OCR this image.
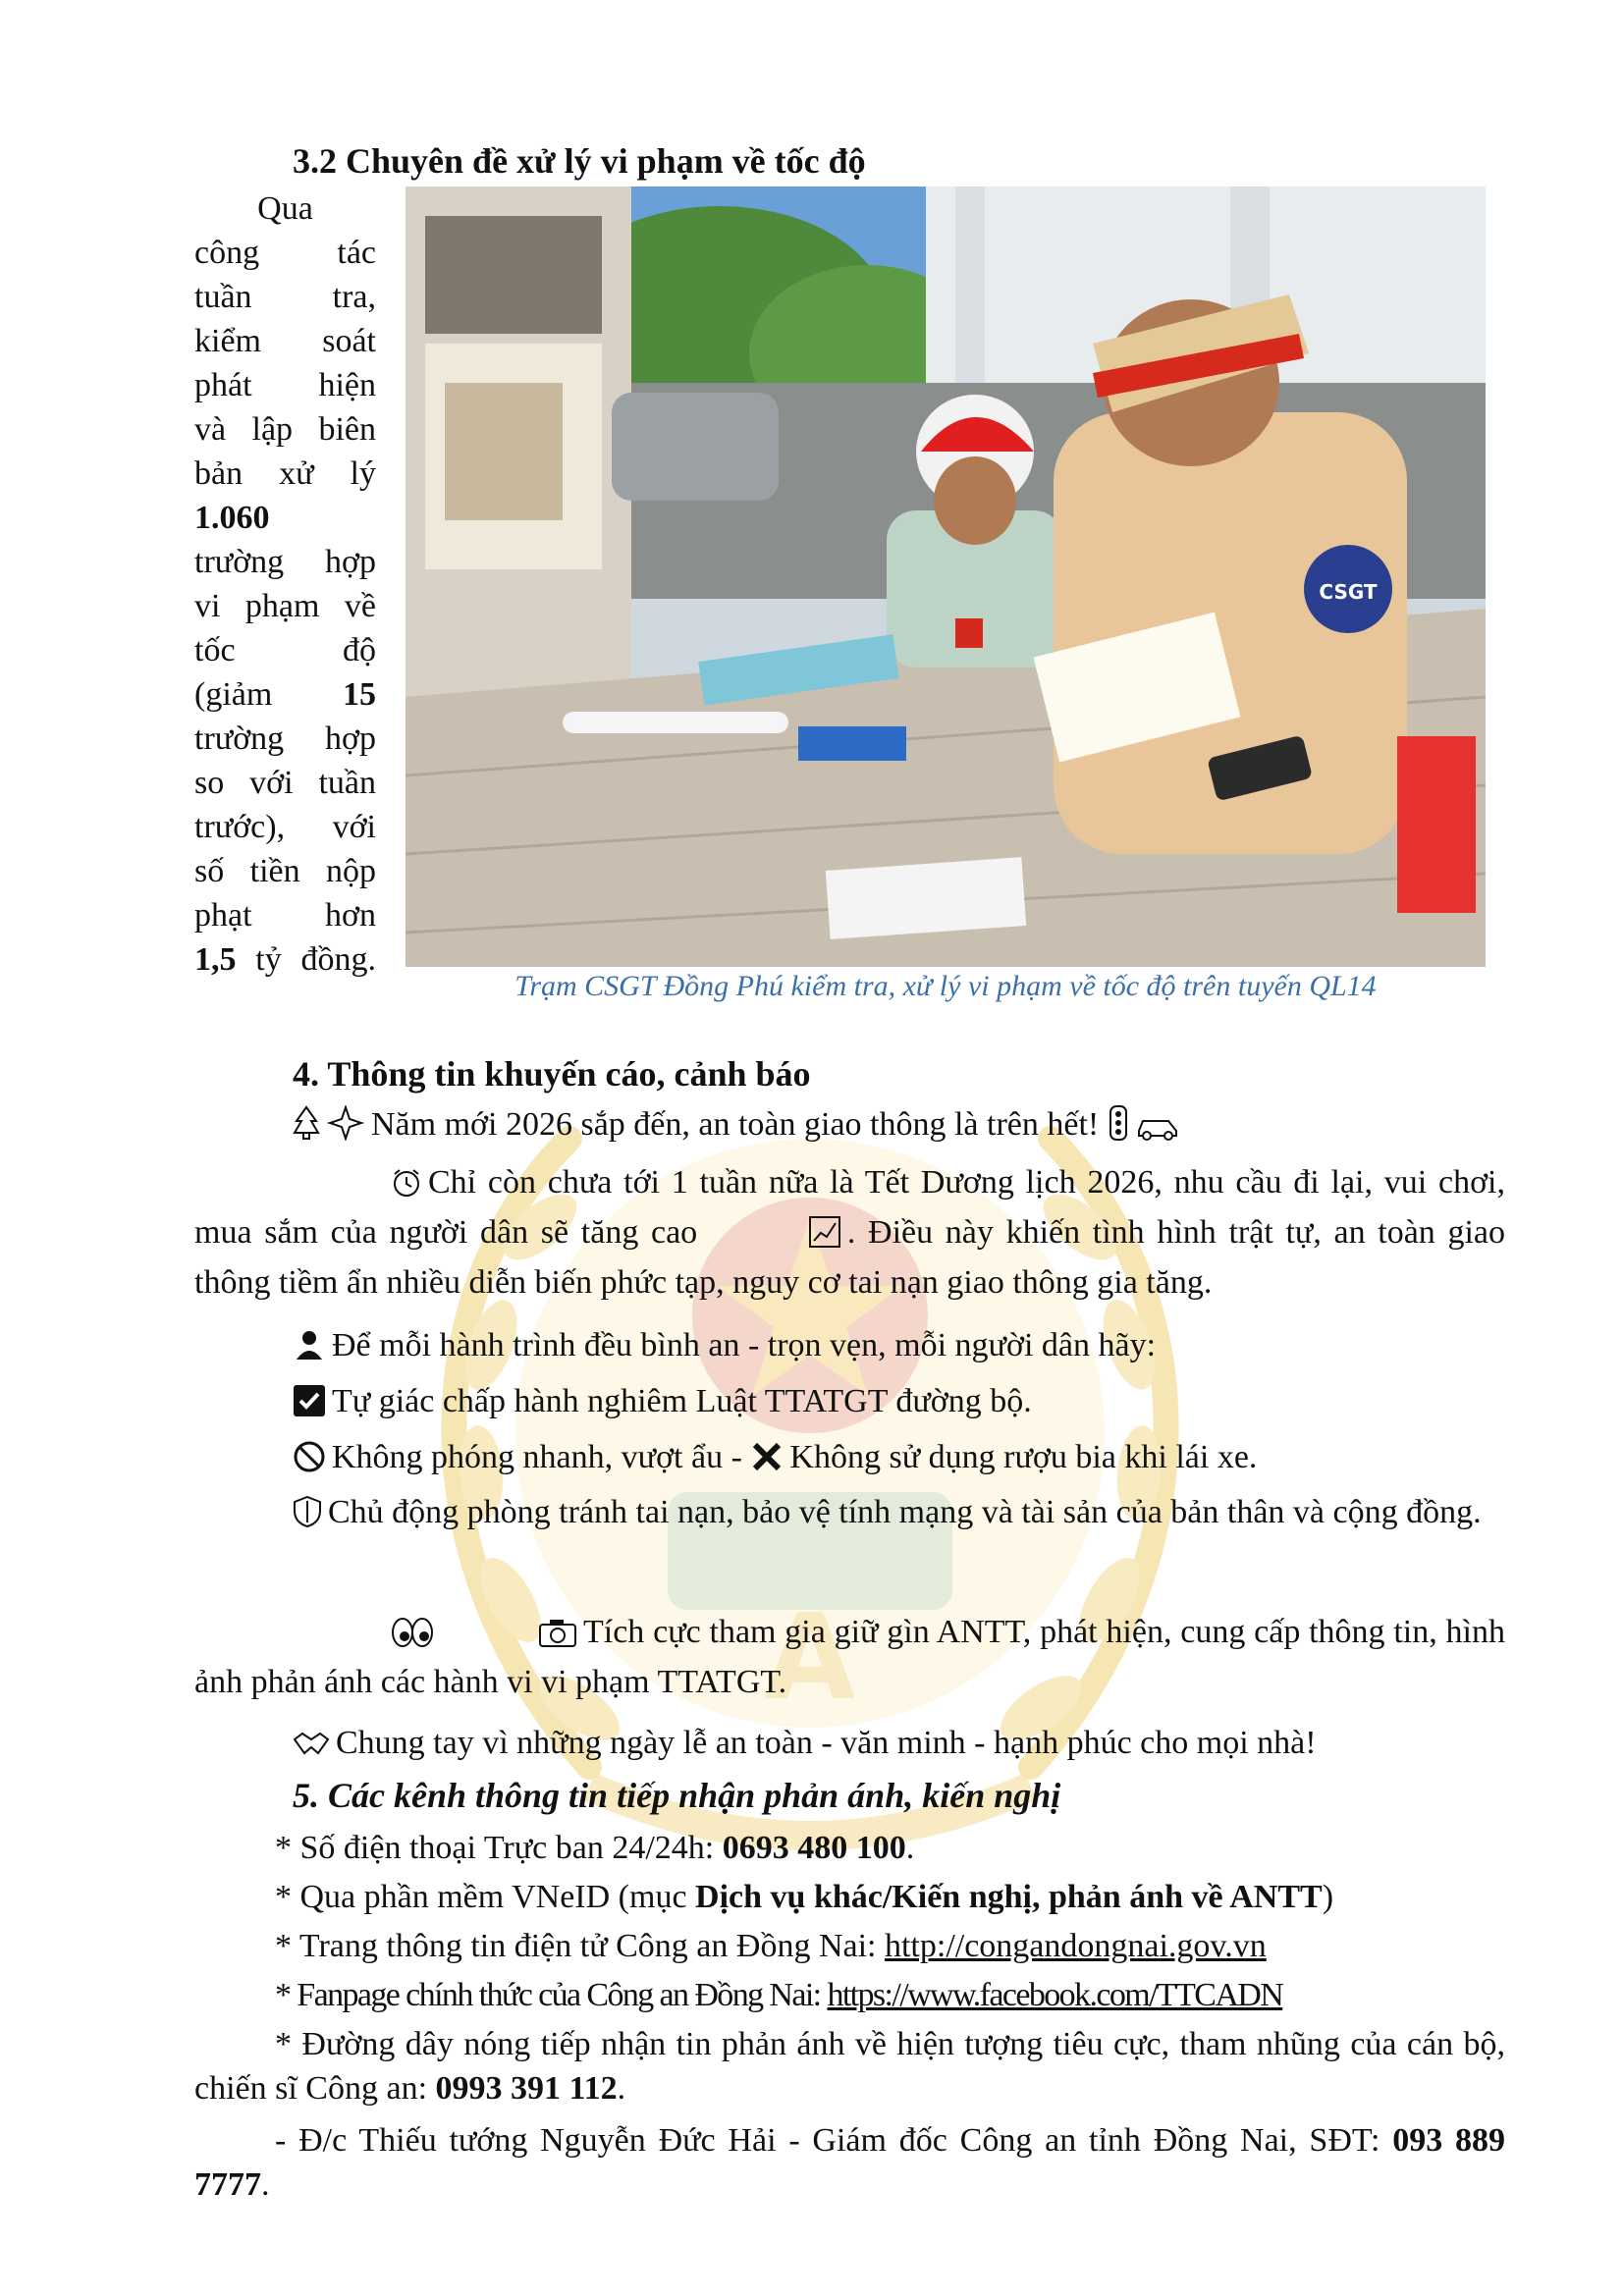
A
3.2 Chuyên đề xử lý vi phạm về tốc độ
Qua
công tác
tuần tra,
kiểm soát
phát hiện
và lập biên
bản xử lý
1.060
trường hợp
vi phạm về
tốc độ
(giảm 15
trường hợp
so với tuần
trước), với
số tiền nộp
phạt hơn
1,5 tỷ đồng.
CSGT
Trạm CSGT Đồng Phú kiểm tra, xử lý vi phạm về tốc độ trên tuyến QL14
4. Thông tin khuyến cáo, cảnh báo
Năm mới 2026 sắp đến, an toàn giao thông là trên hết!
Chỉ còn chưa tới 1 tuần nữa là Tết Dương lịch 2026, nhu cầu đi lại, vui chơi, mua sắm của người dân sẽ tăng cao	. Điều này khiến tình hình trật tự, an toàn giao thông tiềm ẩn nhiều diễn biến phức tạp, nguy cơ tai nạn giao thông gia tăng.
Để mỗi hành trình đều bình an - trọn vẹn, mỗi người dân hãy:
Tự giác chấp hành nghiêm Luật TTATGT đường bộ.
Không phóng nhanh, vượt ẩu - Không sử dụng rượu bia khi lái xe.
Chủ động phòng tránh tai nạn, bảo vệ tính mạng và tài sản của bản thân và cộng đồng.
Tích cực tham gia giữ gìn ANTT, phát hiện, cung cấp thông tin, hình ảnh phản ánh các hành vi vi phạm TTATGT.
Chung tay vì những ngày lễ an toàn - văn minh - hạnh phúc cho mọi nhà!
5. Các kênh thông tin tiếp nhận phản ánh, kiến nghị
* Số điện thoại Trực ban 24/24h: 0693 480 100.
* Qua phần mềm VNeID (mục Dịch vụ khác/Kiến nghị, phản ánh về ANTT)
* Trang thông tin điện tử Công an Đồng Nai: http://congandongnai.gov.vn
* Fanpage chính thức của Công an Đồng Nai: https://www.facebook.com/TTCADN
* Đường dây nóng tiếp nhận tin phản ánh về hiện tượng tiêu cực, tham nhũng của cán bộ, chiến sĩ Công an: 0993 391 112.
- Đ/c Thiếu tướng Nguyễn Đức Hải - Giám đốc Công an tỉnh Đồng Nai, SĐT: 093 889 7777.
